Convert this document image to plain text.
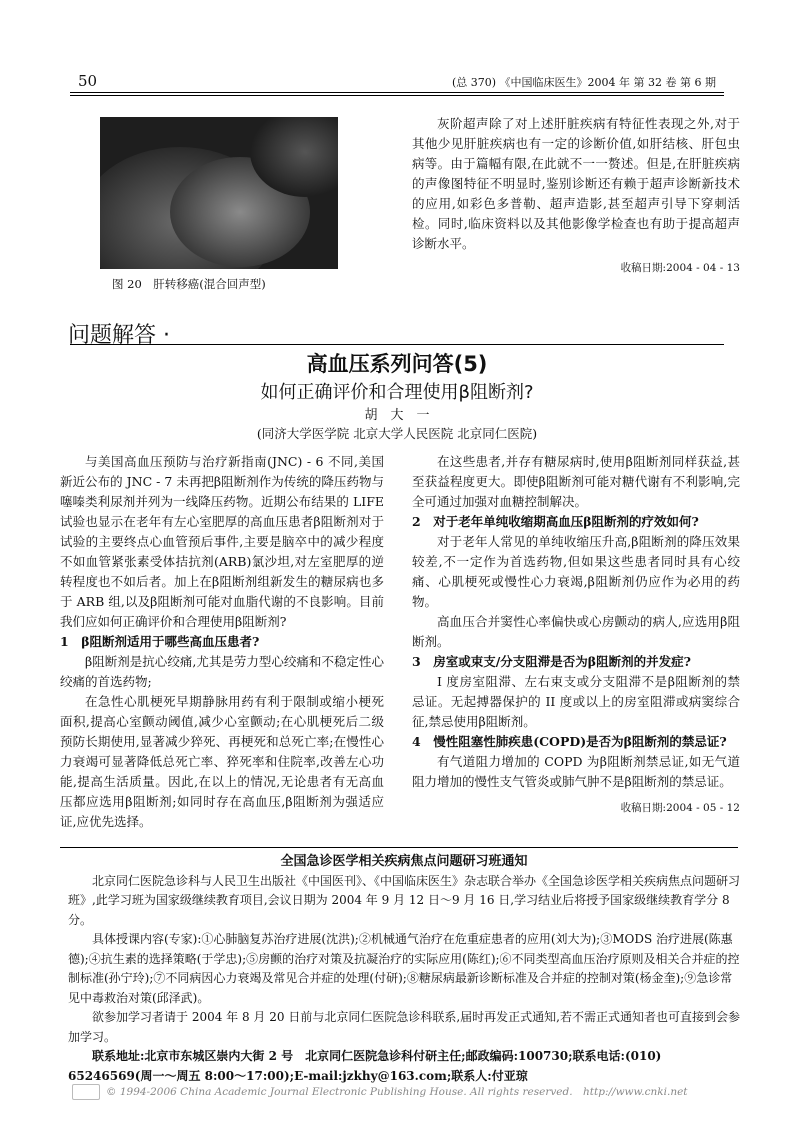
50	(总 370) 《中国临床医生》2004 年 第 32 卷 第 6 期
图 20　肝转移癌(混合回声型)

灰阶超声除了对上述肝脏疾病有特征性表现之外,对于其他少见肝脏疾病也有一定的诊断价值,如肝结核、肝包虫病等。由于篇幅有限,在此就不一一赘述。但是,在肝脏疾病的声像图特征不明显时,鉴别诊断还有赖于超声诊断新技术的应用,如彩色多普勒、超声造影,甚至超声引导下穿刺活检。同时,临床资料以及其他影像学检查也有助于提高超声诊断水平。

收稿日期:2004 - 04 - 13
问题解答 ·
高血压系列问答(5)
如何正确评价和合理使用β阻断剂?
胡　大　一
(同济大学医学院 北京大学人民医院 北京同仁医院)

与美国高血压预防与治疗新指南(JNC) - 6 不同,美国新近公布的 JNC - 7 未再把β阻断剂作为传统的降压药物与噻嗪类利尿剂并列为一线降压药物。近期公布结果的 LIFE 试验也显示在老年有左心室肥厚的高血压患者β阻断剂对于试验的主要终点心血管预后事件,主要是脑卒中的减少程度不如血管紧张素受体拮抗剂(ARB)氯沙坦,对左室肥厚的逆转程度也不如后者。加上在β阻断剂组新发生的糖尿病也多于 ARB 组,以及β阻断剂可能对血脂代谢的不良影响。目前我们应如何正确评价和合理使用β阻断剂?

1　β阻断剂适用于哪些高血压患者?

β阻断剂是抗心绞痛,尤其是劳力型心绞痛和不稳定性心绞痛的首选药物;

在急性心肌梗死早期静脉用药有利于限制或缩小梗死面积,提高心室颤动阈值,减少心室颤动;在心肌梗死后二级预防长期使用,显著减少猝死、再梗死和总死亡率;在慢性心力衰竭可显著降低总死亡率、猝死率和住院率,改善左心功能,提高生活质量。因此,在以上的情况,无论患者有无高血压都应选用β阻断剂;如同时存在高血压,β阻断剂为强适应证,应优先选择。

在这些患者,并存有糖尿病时,使用β阻断剂同样获益,甚至获益程度更大。即使β阻断剂可能对糖代谢有不利影响,完全可通过加强对血糖控制解决。

2　对于老年单纯收缩期高血压β阻断剂的疗效如何?

对于老年人常见的单纯收缩压升高,β阻断剂的降压效果较差,不一定作为首选药物,但如果这些患者同时具有心绞痛、心肌梗死或慢性心力衰竭,β阻断剂仍应作为必用的药物。

高血压合并窦性心率偏快或心房颤动的病人,应选用β阻断剂。

3　房室或束支/分支阻滞是否为β阻断剂的并发症?

I 度房室阻滞、左右束支或分支阻滞不是β阻断剂的禁忌证。无起搏器保护的 II 度或以上的房室阻滞或病窦综合征,禁忌使用β阻断剂。

4　慢性阻塞性肺疾患(COPD)是否为β阻断剂的禁忌证?

有气道阻力增加的 COPD 为β阻断剂禁忌证,如无气道阻力增加的慢性支气管炎或肺气肿不是β阻断剂的禁忌证。

收稿日期:2004 - 05 - 12
全国急诊医学相关疾病焦点问题研习班通知

北京同仁医院急诊科与人民卫生出版社《中国医刊》、《中国临床医生》杂志联合举办《全国急诊医学相关疾病焦点问题研习班》,此学习班为国家级继续教育项目,会议日期为 2004 年 9 月 12 日～9 月 16 日,学习结业后将授予国家级继续教育学分 8 分。

具体授课内容(专家):①心肺脑复苏治疗进展(沈洪);②机械通气治疗在危重症患者的应用(刘大为);③MODS 治疗进展(陈惠德);④抗生素的选择策略(于学忠);⑤房颤的治疗对策及抗凝治疗的实际应用(陈红);⑥不同类型高血压治疗原则及相关合并症的控制标准(孙宁玲);⑦不同病因心力衰竭及常见合并症的处理(付研);⑧糖尿病最新诊断标准及合并症的控制对策(杨金奎);⑨急诊常见中毒救治对策(邱泽武)。

欲参加学习者请于 2004 年 8 月 20 日前与北京同仁医院急诊科联系,届时再发正式通知,若不需正式通知者也可直接到会参加学习。

联系地址:北京市东城区崇内大街 2 号　北京同仁医院急诊科付研主任;邮政编码:100730;联系电话:(010) 65246569(周一～周五 8:00～17:00);E-mail:jzkhy@163.com;联系人:付亚琼

© 1994-2006 China Academic Journal Electronic Publishing House. All rights reserved.　http://www.cnki.net
